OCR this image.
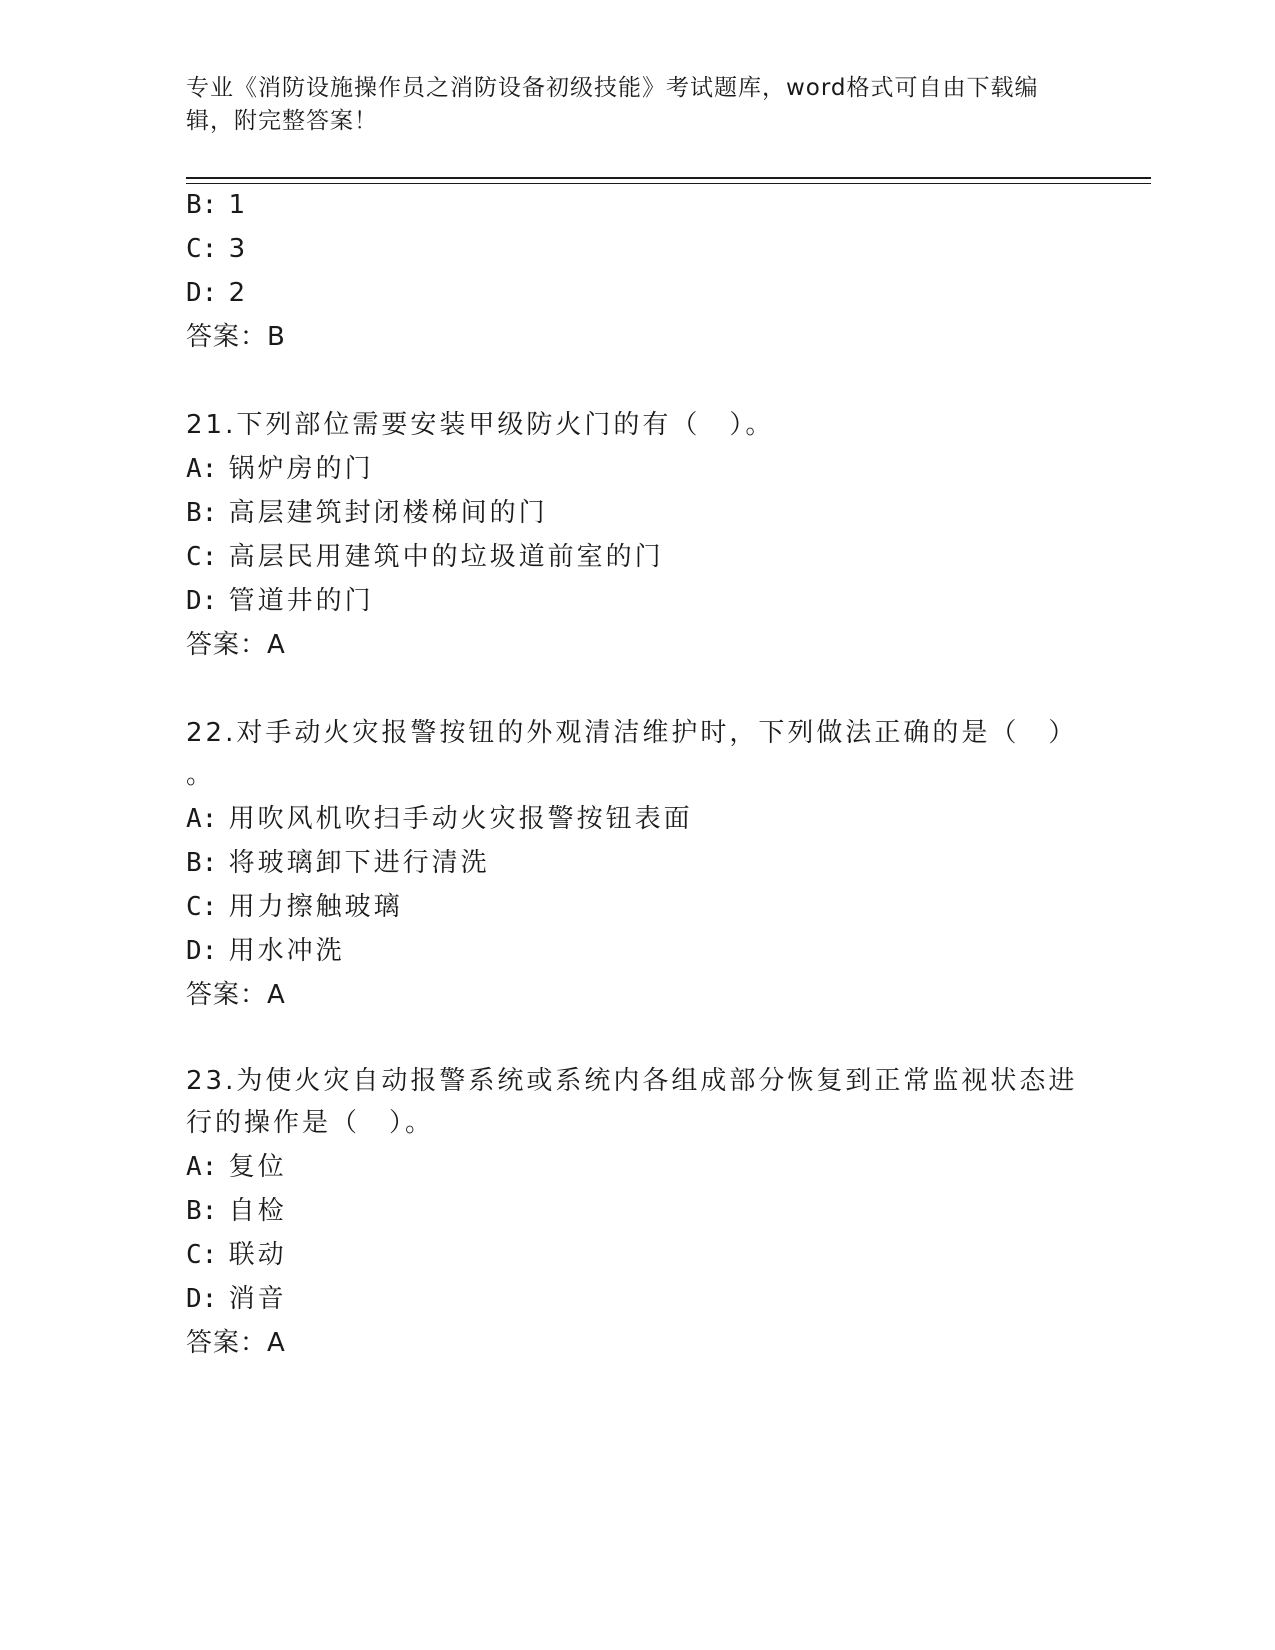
专业《消防设施操作员之消防设备初级技能》考试题库，word格式可自由下载编
辑，附完整答案！
B: 1
C: 3
D: 2
答案：B
21.下列部位需要安装甲级防火门的有（　）。
A: 锅炉房的门
B: 高层建筑封闭楼梯间的门
C: 高层民用建筑中的垃圾道前室的门
D: 管道井的门
答案：A
22.对手动火灾报警按钮的外观清洁维护时，下列做法正确的是（　）
。
A: 用吹风机吹扫手动火灾报警按钮表面
B: 将玻璃卸下进行清洗
C: 用力擦触玻璃
D: 用水冲洗
答案：A
23.为使火灾自动报警系统或系统内各组成部分恢复到正常监视状态进
行的操作是（　）。
A: 复位
B: 自检
C: 联动
D: 消音
答案：A
